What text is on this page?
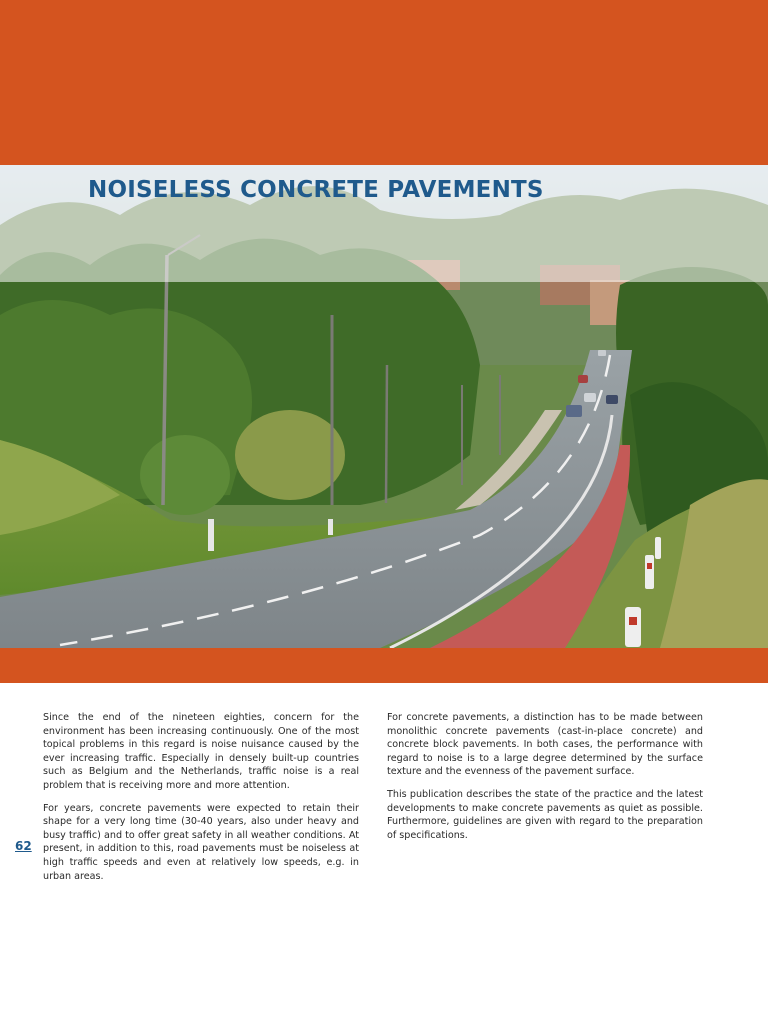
NOISELESS CONCRETE PAVEMENTS

Since the end of the nineteen eighties, concern for the environment has been increasing continuously. One of the most topical problems in this regard is noise nuisance caused by the ever increasing traffic. Especially in densely built-up countries such as Belgium and the Netherlands, traffic noise is a real problem that is receiving more and more attention.

For years, concrete pavements were expected to retain their shape for a very long time (30-40 years, also under heavy and busy traffic) and to offer great safety in all weather conditions. At present, in addition to this, road pavements must be noiseless at high traffic speeds and even at relatively low speeds, e.g. in urban areas.

For concrete pavements, a distinction has to be made between monolithic concrete pavements (cast-in-place concrete) and concrete block pavements. In both cases, the performance with regard to noise is to a large degree determined by the surface texture and the evenness of the pavement surface.

This publication describes the state of the practice and the latest developments to make concrete pavements as quiet as possible. Furthermore, guidelines are given with regard to the preparation of specifications.

62
